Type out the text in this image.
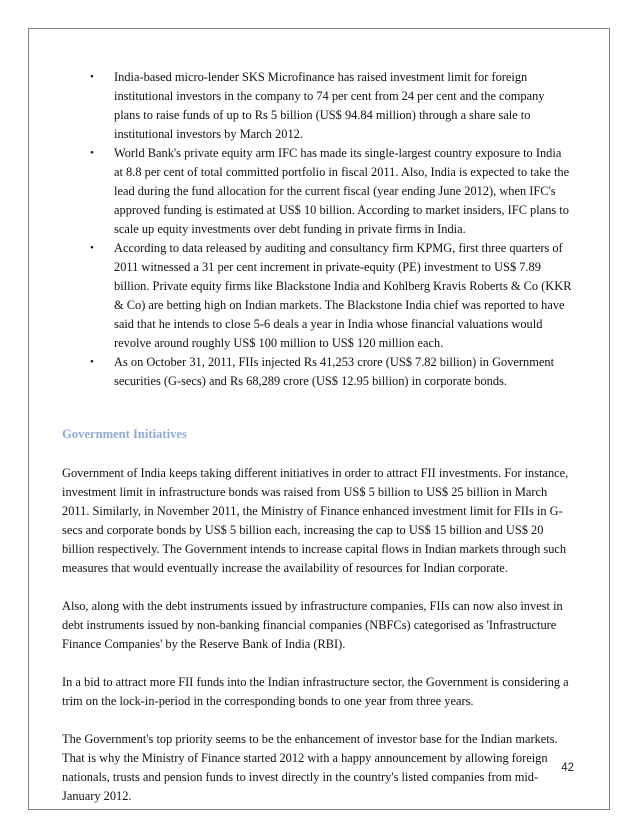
• India-based micro-lender SKS Microfinance has raised investment limit for foreign institutional investors in the company to 74 per cent from 24 per cent and the company plans to raise funds of up to Rs 5 billion (US$ 94.84 million) through a share sale to institutional investors by March 2012.
• World Bank's private equity arm IFC has made its single-largest country exposure to India at 8.8 per cent of total committed portfolio in fiscal 2011. Also, India is expected to take the lead during the fund allocation for the current fiscal (year ending June 2012), when IFC's approved funding is estimated at US$ 10 billion. According to market insiders, IFC plans to scale up equity investments over debt funding in private firms in India.
• According to data released by auditing and consultancy firm KPMG, first three quarters of 2011 witnessed a 31 per cent increment in private-equity (PE) investment to US$ 7.89 billion. Private equity firms like Blackstone India and Kohlberg Kravis Roberts & Co (KKR & Co) are betting high on Indian markets. The Blackstone India chief was reported to have said that he intends to close 5-6 deals a year in India whose financial valuations would revolve around roughly US$ 100 million to US$ 120 million each.
• As on October 31, 2011, FIIs injected Rs 41,253 crore (US$ 7.82 billion) in Government securities (G-secs) and Rs 68,289 crore (US$ 12.95 billion) in corporate bonds.
Government Initiatives

Government of India keeps taking different initiatives in order to attract FII investments. For instance, investment limit in infrastructure bonds was raised from US$ 5 billion to US$ 25 billion in March 2011. Similarly, in November 2011, the Ministry of Finance enhanced investment limit for FIIs in G-secs and corporate bonds by US$ 5 billion each, increasing the cap to US$ 15 billion and US$ 20 billion respectively. The Government intends to increase capital flows in Indian markets through such measures that would eventually increase the availability of resources for Indian corporate.

Also, along with the debt instruments issued by infrastructure companies, FIIs can now also invest in debt instruments issued by non-banking financial companies (NBFCs) categorised as 'Infrastructure Finance Companies' by the Reserve Bank of India (RBI).

In a bid to attract more FII funds into the Indian infrastructure sector, the Government is considering a trim on the lock-in-period in the corresponding bonds to one year from three years.

The Government's top priority seems to be the enhancement of investor base for the Indian markets. That is why the Ministry of Finance started 2012 with a happy announcement by allowing foreign nationals, trusts and pension funds to invest directly in the country's listed companies from mid-January 2012.

42
